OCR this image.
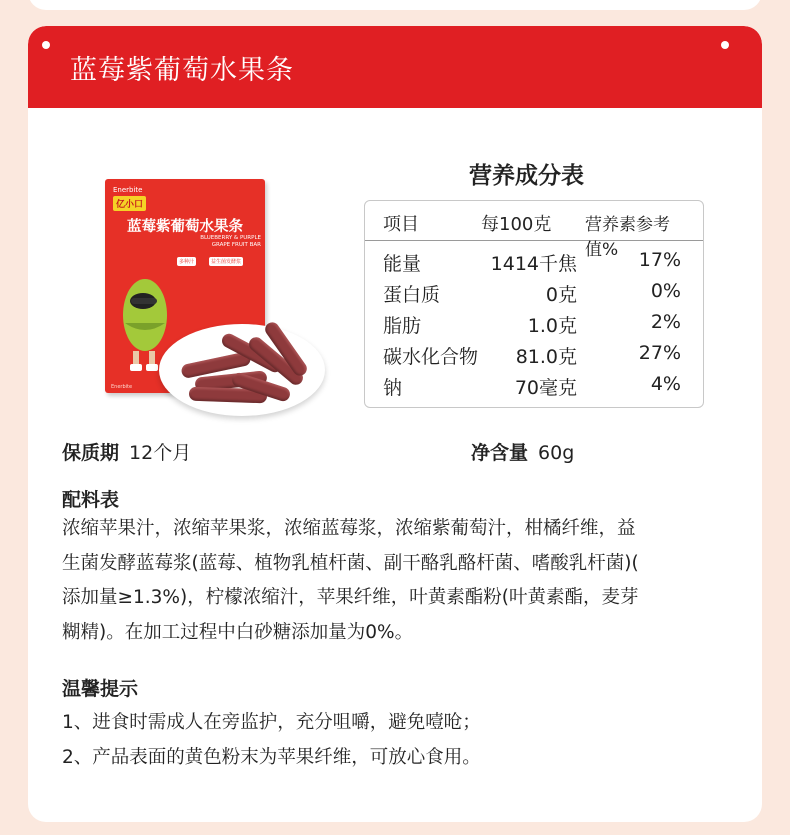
蓝莓紫葡萄水果条
Enerbite
亿小口
蓝莓紫葡萄水果条
BLUEBERRY & PURPLE
GRAPE FRUIT BAR
多种汁	益生菌发酵浆
Enerbite
营养成分表
项目	每100克 营养素参考值%
能量	1414千焦	17%
蛋白质	0克	0%
脂肪	1.0克	2%
碳水化合物 81.0克	27%
钠	70毫克	4%
保质期 12个月	净含量 60g
配料表
浓缩苹果汁，浓缩苹果浆，浓缩蓝莓浆，浓缩紫葡萄汁，柑橘纤维，益
生菌发酵蓝莓浆(蓝莓、植物乳植杆菌、副干酪乳酪杆菌、嗜酸乳杆菌)(
添加量≥1.3%)，柠檬浓缩汁，苹果纤维，叶黄素酯粉(叶黄素酯，麦芽
糊精)。在加工过程中白砂糖添加量为0%。
温馨提示
1、进食时需成人在旁监护，充分咀嚼，避免噎呛；
2、产品表面的黄色粉末为苹果纤维，可放心食用。
